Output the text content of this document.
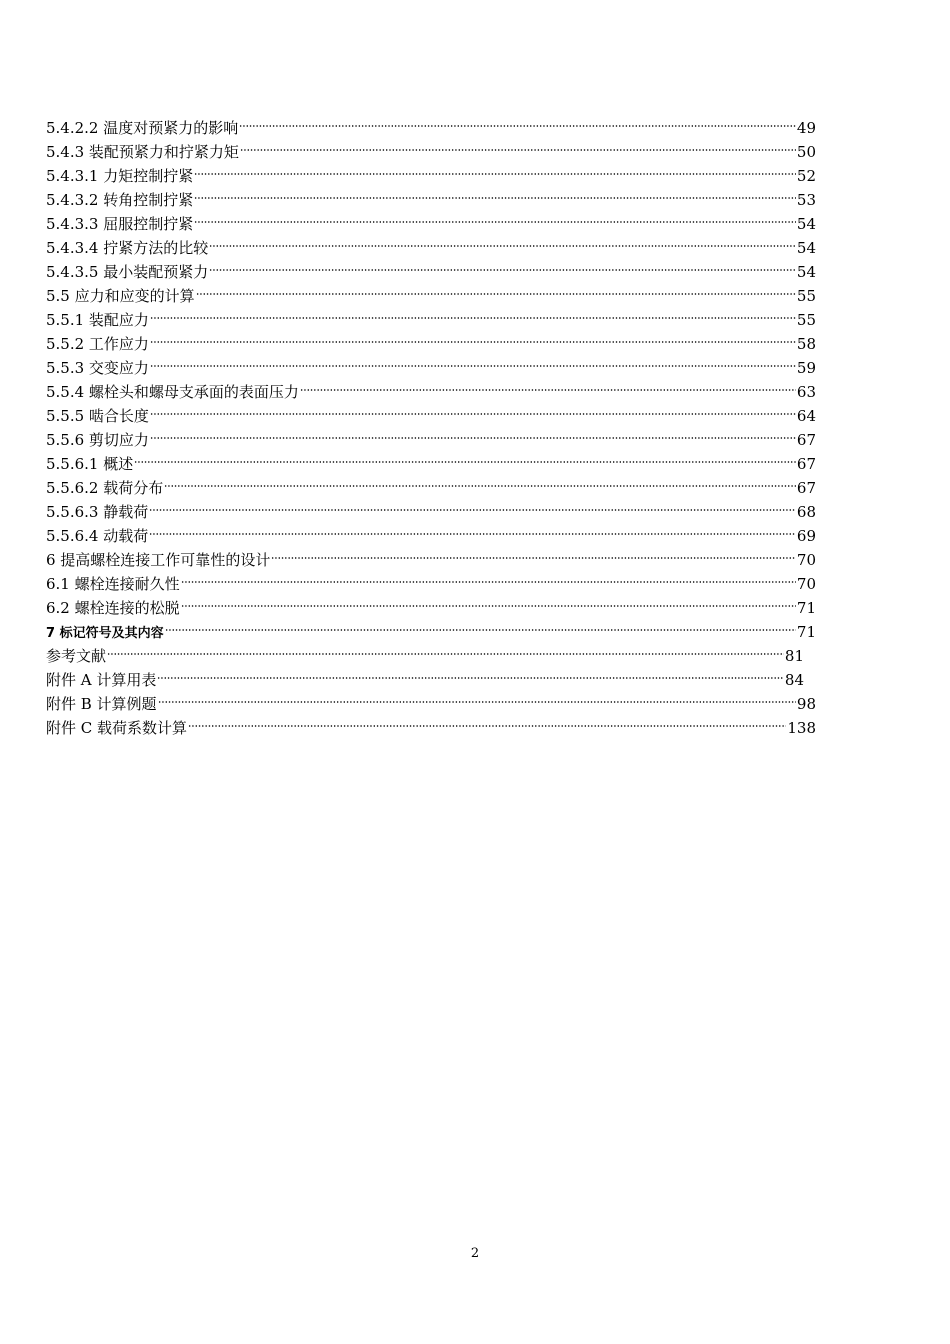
5.4.2.2 温度对预紧力的影响	49
5.4.3 装配预紧力和拧紧力矩	50
5.4.3.1 力矩控制拧紧	52
5.4.3.2 转角控制拧紧	53
5.4.3.3 屈服控制拧紧	54
5.4.3.4 拧紧方法的比较	54
5.4.3.5 最小装配预紧力	54
5.5 应力和应变的计算	55
5.5.1 装配应力	55
5.5.2 工作应力	58
5.5.3 交变应力	59
5.5.4 螺栓头和螺母支承面的表面压力	63
5.5.5 啮合长度	64
5.5.6 剪切应力	67
5.5.6.1 概述	67
5.5.6.2 载荷分布	67
5.5.6.3 静载荷	68
5.5.6.4 动载荷	69
6 提高螺栓连接工作可靠性的设计	70
6.1 螺栓连接耐久性	70
6.2 螺栓连接的松脱	71
7 标记符号及其内容	71
参考文献	81
附件 A 计算用表	84
附件 B 计算例题	98
附件 C 载荷系数计算	138
2
